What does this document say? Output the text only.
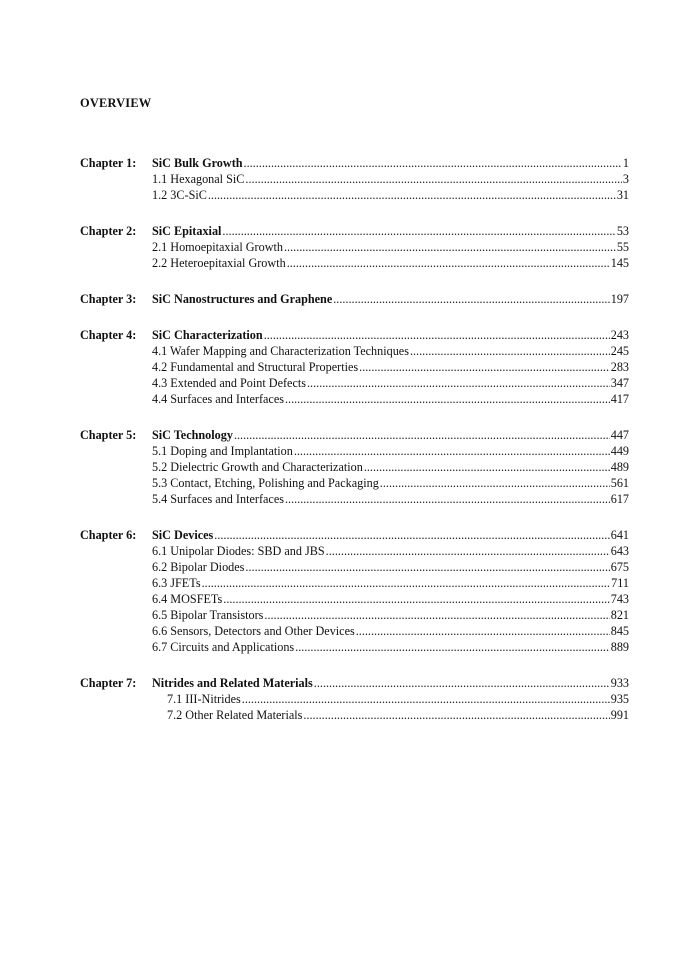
OVERVIEW
Chapter 1:	SiC Bulk Growth .....	1
1.1 Hexagonal SiC .....	3
1.2 3C-SiC .....	31
Chapter 2:	SiC Epitaxial .....	53
2.1 Homoepitaxial Growth .....	55
2.2 Heteroepitaxial Growth .....	145
Chapter 3:	SiC Nanostructures and Graphene .....	197
Chapter 4:	SiC Characterization .....	243
4.1 Wafer Mapping and Characterization Techniques .....	245
4.2 Fundamental and Structural Properties .....	283
4.3 Extended and Point Defects .....	347
4.4 Surfaces and Interfaces .....	417
Chapter 5:	SiC Technology .....	447
5.1 Doping and Implantation .....	449
5.2 Dielectric Growth and Characterization .....	489
5.3 Contact, Etching, Polishing and Packaging .....	561
5.4 Surfaces and Interfaces .....	617
Chapter 6:	SiC Devices .....	641
6.1 Unipolar Diodes: SBD and JBS .....	643
6.2 Bipolar Diodes .....	675
6.3 JFETs .....	711
6.4 MOSFETs .....	743
6.5 Bipolar Transistors .....	821
6.6 Sensors, Detectors and Other Devices .....	845
6.7 Circuits and Applications .....	889
Chapter 7:	Nitrides and Related Materials .....	933
7.1 III-Nitrides .....	935
7.2 Other Related Materials .....	991
